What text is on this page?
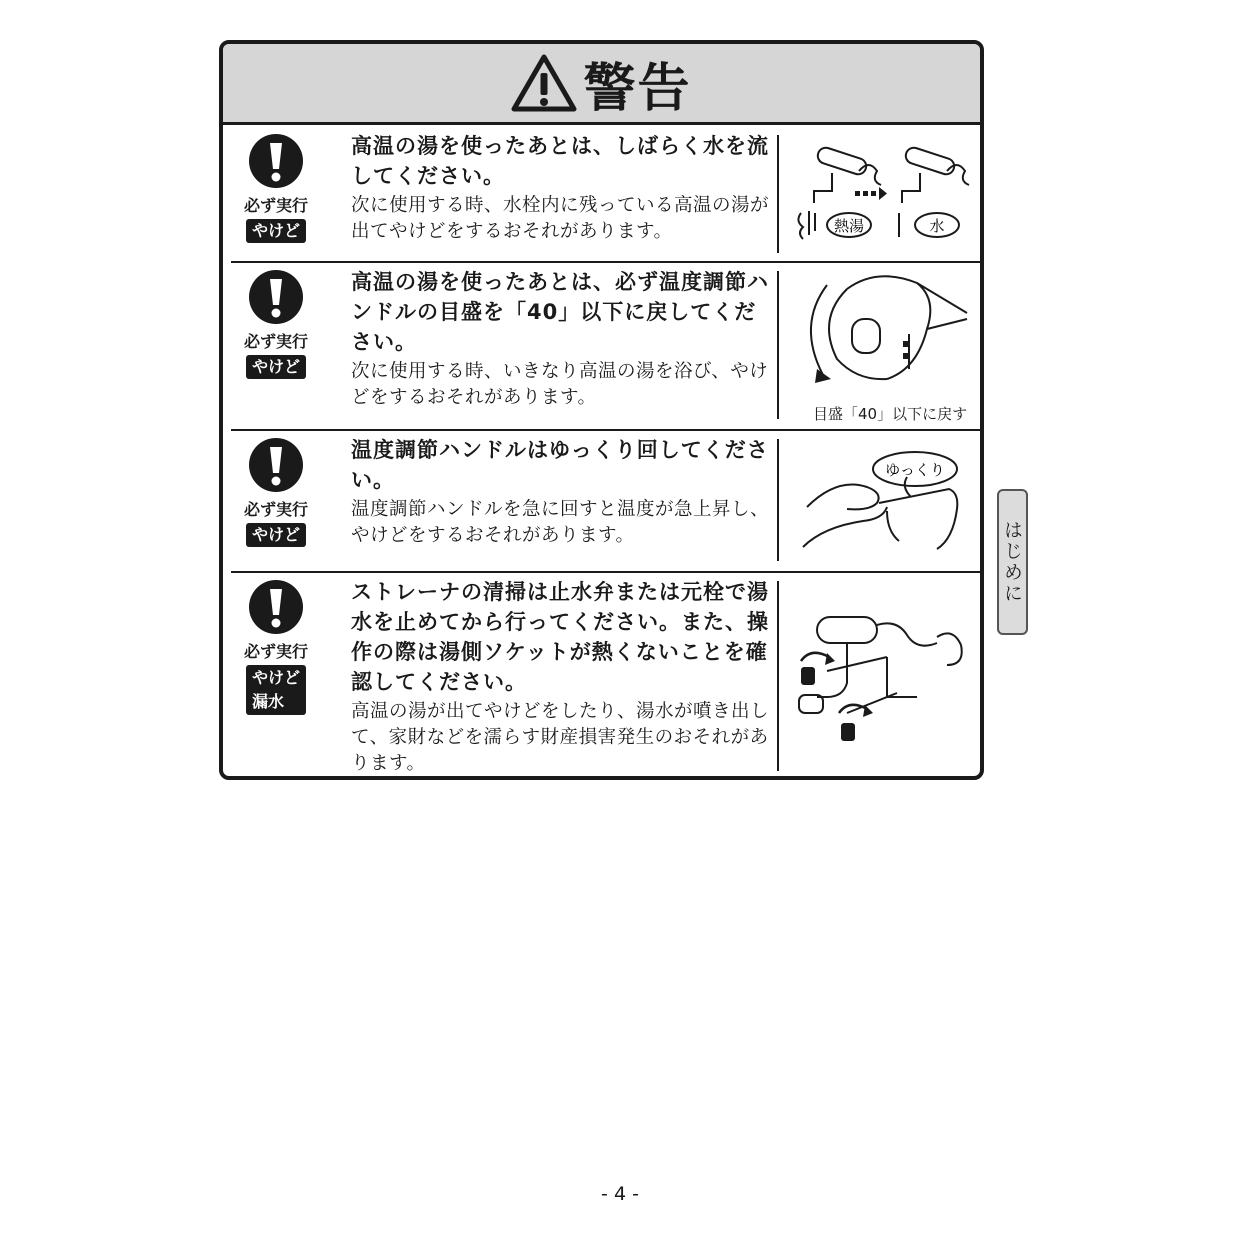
警告
必ず実行
やけど
高温の湯を使ったあとは、しばらく水を流してください。
次に使用する時、水栓内に残っている高温の湯が出てやけどをするおそれがあります。	熱湯	水
必ず実行
やけど
高温の湯を使ったあとは、必ず温度調節ハンドルの目盛を「40」以下に戻してください。
次に使用する時、いきなり高温の湯を浴び、やけどをするおそれがあります。
目盛「40」以下に戻す
必ず実行
やけど
温度調節ハンドルはゆっくり回してください。
温度調節ハンドルを急に回すと温度が急上昇し、やけどをするおそれがあります。
ゆっくり
必ず実行
やけど
漏水
ストレーナの清掃は止水弁または元栓で湯水を止めてから行ってください。また、操作の際は湯側ソケットが熱くないことを確認してください。
高温の湯が出てやけどをしたり、湯水が噴き出して、家財などを濡らす財産損害発生のおそれがあります。
はじめに
- 4 -
